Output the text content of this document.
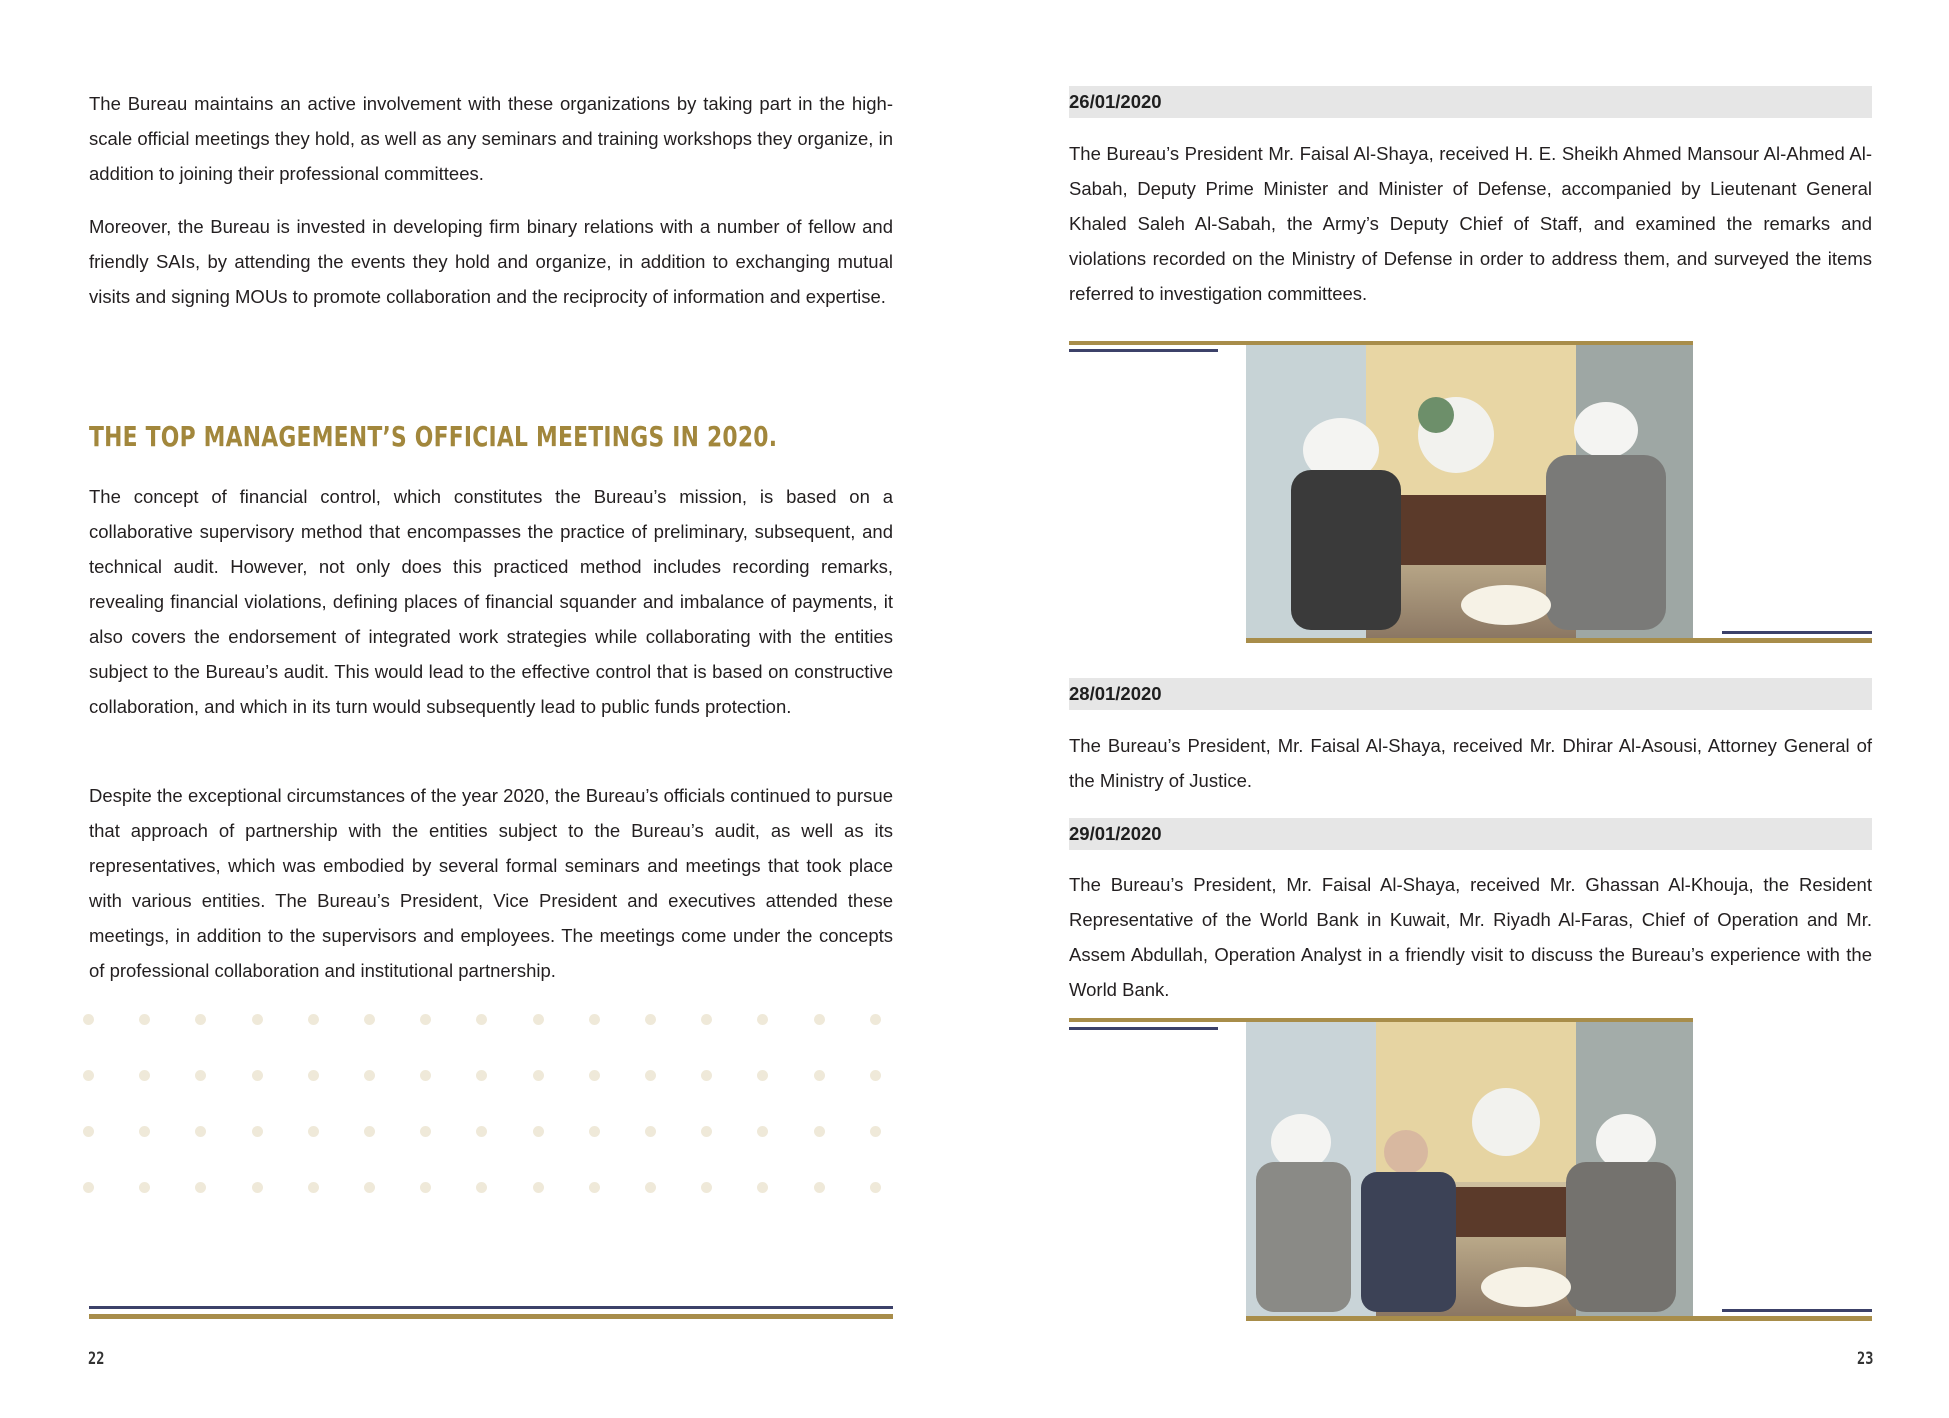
The Bureau maintains an active involvement with these organizations by taking part in the high-scale official meetings they hold, as well as any seminars and training workshops they organize, in addition to joining their professional committees.

Moreover, the Bureau is invested in developing firm binary relations with a number of fellow and friendly SAIs, by attending the events they hold and organize, in addition to exchanging mutual visits and signing MOUs to promote collaboration and the reciprocity of information and expertise.

THE TOP MANAGEMENT’S OFFICIAL MEETINGS IN 2020.

The concept of financial control, which constitutes the Bureau’s mission, is based on a collaborative supervisory method that encompasses the practice of preliminary, subsequent, and technical audit. However, not only does this practiced method includes recording remarks, revealing financial violations, defining places of financial squander and imbalance of payments, it also covers the endorsement of integrated work strategies while collaborating with the entities subject to the Bureau’s audit. This would lead to the effective control that is based on constructive collaboration, and which in its turn would subsequently lead to public funds protection.

Despite the exceptional circumstances of the year 2020, the Bureau’s officials continued to pursue that approach of partnership with the entities subject to the Bureau’s audit, as well as its representatives, which was embodied by several formal seminars and meetings that took place with various entities. The Bureau’s President, Vice President and executives attended these meetings, in addition to the supervisors and employees. The meetings come under the concepts of professional collaboration and institutional partnership.

22
26/01/2020

The Bureau’s President Mr. Faisal Al-Shaya, received H. E. Sheikh Ahmed Mansour Al-Ahmed Al-Sabah, Deputy Prime Minister and Minister of Defense, accompanied by Lieutenant General Khaled Saleh Al-Sabah, the Army’s Deputy Chief of Staff, and examined the remarks and violations recorded on the Ministry of Defense in order to address them, and surveyed the items referred to investigation committees.

28/01/2020

The Bureau’s President, Mr. Faisal Al-Shaya, received Mr. Dhirar Al-Asousi, Attorney General of the Ministry of Justice.

29/01/2020

The Bureau’s President, Mr. Faisal Al-Shaya, received Mr. Ghassan Al-Khouja, the Resident Representative of the World Bank in Kuwait, Mr. Riyadh Al-Faras, Chief of Operation and Mr. Assem Abdullah, Operation Analyst in a friendly visit to discuss the Bureau’s experience with the World Bank.

23
